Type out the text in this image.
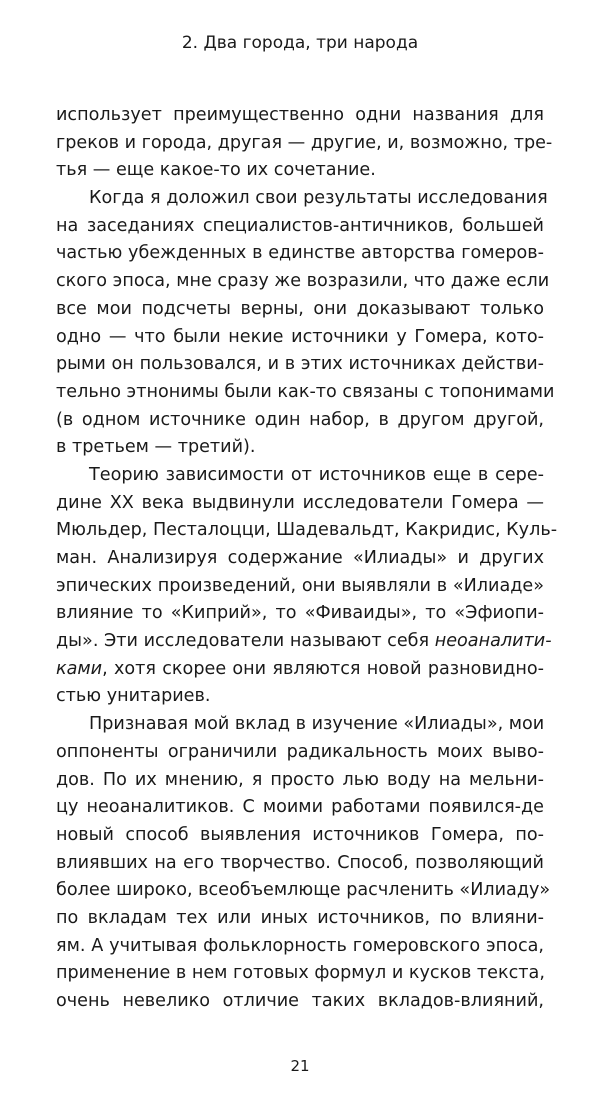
2. Два города, три народа
использует преимущественно одни названия для
греков и города, другая — другие, и, возможно, тре-
тья — еще какое-то их сочетание.
Когда я доложил свои результаты исследования
на заседаниях специалистов-античников, большей
частью убежденных в единстве авторства гомеров-
ского эпоса, мне сразу же возразили, что даже если
все мои подсчеты верны, они доказывают только
одно — что были некие источники у Гомера, кото-
рыми он пользовался, и в этих источниках действи-
тельно этнонимы были как-то связаны с топонимами
(в одном источнике один набор, в другом другой,
в третьем — третий).
Теорию зависимости от источников еще в сере-
дине XX века выдвинули исследователи Гомера —
Мюльдер, Песталоцци, Шадевальдт, Какридис, Куль-
ман. Анализируя содержание «Илиады» и других
эпических произведений, они выявляли в «Илиаде»
влияние то «Киприй», то «Фиваиды», то «Эфиопи-
ды». Эти исследователи называют себя неоаналити-
ками, хотя скорее они являются новой разновидно-
стью унитариев.
Признавая мой вклад в изучение «Илиады», мои
оппоненты ограничили радикальность моих выво-
дов. По их мнению, я просто лью воду на мельни-
цу неоаналитиков. С моими работами появился-де
новый способ выявления источников Гомера, по-
влиявших на его творчество. Способ, позволяющий
более широко, всеобъемлюще расчленить «Илиаду»
по вкладам тех или иных источников, по влияни-
ям. А учитывая фольклорность гомеровского эпоса,
применение в нем готовых формул и кусков текста,
очень невелико отличие таких вкладов-влияний,
21
